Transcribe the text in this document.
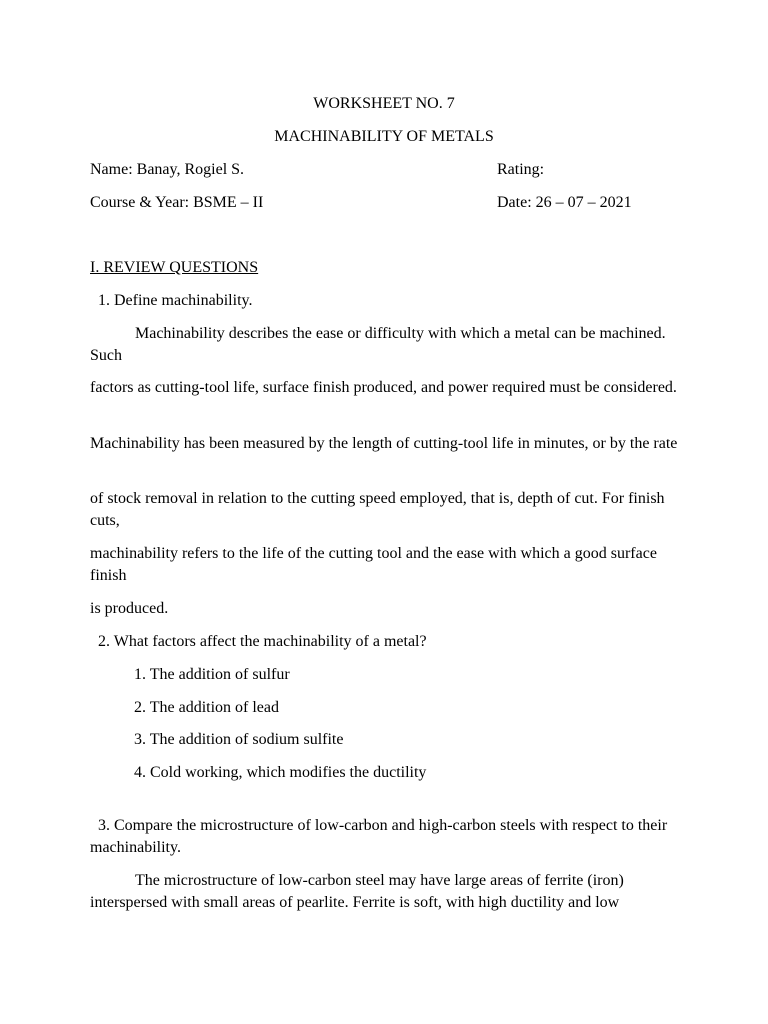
WORKSHEET NO. 7
MACHINABILITY OF METALS
Name: Banay, Rogiel S.	Rating:
Course & Year: BSME – II	Date: 26 – 07 – 2021
I. REVIEW QUESTIONS
1. Define machinability.
Machinability describes the ease or difficulty with which a metal can be machined. Such
factors as cutting-tool life, surface finish produced, and power required must be considered.
Machinability has been measured by the length of cutting-tool life in minutes, or by the rate
of stock removal in relation to the cutting speed employed, that is, depth of cut. For finish cuts,
machinability refers to the life of the cutting tool and the ease with which a good surface finish
is produced.
2. What factors affect the machinability of a metal?
1. The addition of sulfur
2. The addition of lead
3. The addition of sodium sulfite
4. Cold working, which modifies the ductility
3. Compare the microstructure of low-carbon and high-carbon steels with respect to their machinability.
The microstructure of low-carbon steel may have large areas of ferrite (iron) interspersed with small areas of pearlite. Ferrite is soft, with high ductility and low
